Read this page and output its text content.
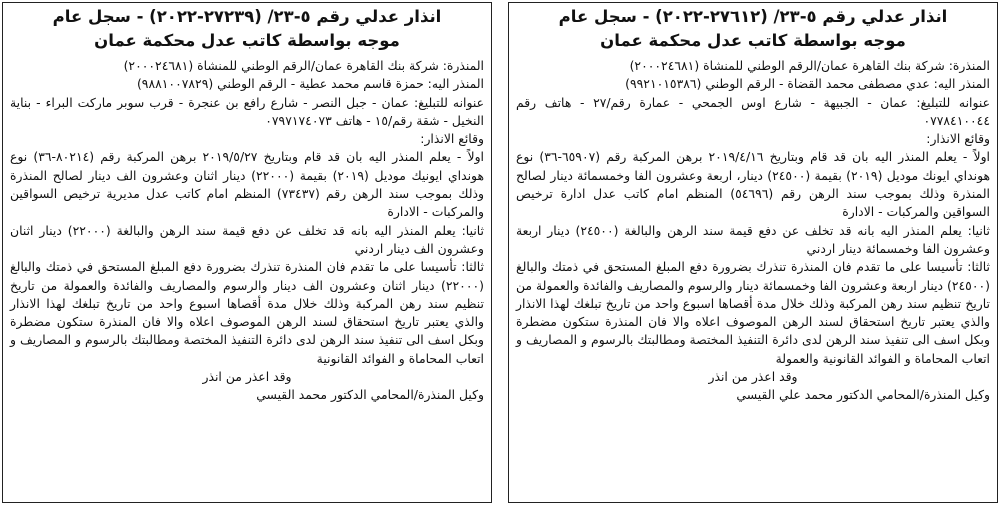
انذار عدلي رقم ٥-٢٣/ (٢٧٦١٢-٢٠٢٢) - سجل عام

موجه بواسطة كاتب عدل محكمة عمان

المنذرة: شركة بنك القاهرة عمان/الرقم الوطني للمنشاة (٢٠٠٠٢٤٦٨١)

المنذر اليه: عدي مصطفى محمد القضاة - الرقم الوطني (٩٩٢١٠١٥٣٨٦)

عنوانه للتبليغ: عمان - الجبيهة - شارع اوس الجمحي - عمارة رقم/٢٧ - هاتف رقم ٠٧٧٨٤١٠٠٤٤

وقائع الانذار:

اولاً - يعلم المنذر اليه بان قد قام وبتاريخ ٢٠١٩/٤/١٦ برهن المركبة رقم (٦٥٩٠٧-٣٦) نوع هونداي ايونك موديل (٢٠١٩) بقيمة (٢٤٥٠٠) دينار، اربعة وعشرون الفا وخمسمائة دينار لصالح المنذرة وذلك بموجب سند الرهن رقم (٥٤٦٩٦) المنظم امام كاتب عدل ادارة ترخيص السواقين والمركبات - الادارة

ثانيا: يعلم المنذر اليه بانه قد تخلف عن دفع قيمة سند الرهن والبالغة (٢٤٥٠٠) دينار اربعة وعشرون الفا وخمسمائة دينار اردني

ثالثا: تأسيسا على ما تقدم فان المنذرة تنذرك بضرورة دفع المبلغ المستحق في ذمتك والبالغ (٢٤٥٠٠) دينار اربعة وعشرون الفا وخمسمائة دينار والرسوم والمصاريف والفائدة والعمولة من تاريخ تنظيم سند رهن المركبة وذلك خلال مدة أقصاها اسبوع واحد من تاريخ تبلغك لهذا الانذار والذي يعتبر تاريخ استحقاق لسند الرهن الموصوف اعلاه والا فان المنذرة ستكون مضطرة وبكل اسف الى تنفيذ سند الرهن لدى دائرة التنفيذ المختصة ومطالبتك بالرسوم و المصاريف و اتعاب المحاماة و الفوائد القانونية والعمولة

وقد اعذر من انذر

وكيل المنذرة/المحامي الدكتور محمد علي القيسي

انذار عدلي رقم ٥-٢٣/ (٢٧٢٣٩-٢٠٢٢) - سجل عام

موجه بواسطة كاتب عدل محكمة عمان

المنذرة: شركة بنك القاهرة عمان/الرقم الوطني للمنشاة (٢٠٠٠٢٤٦٨١)

المنذر اليه: حمزة قاسم محمد عطية - الرقم الوطني (٩٨٨١٠٠٧٨٢٩)

عنوانه للتبليغ: عمان - جبل النصر - شارع رافع بن عنجرة - قرب سوبر ماركت البراء - بناية النخيل - شقة رقم/١٥ - هاتف ٠٧٩٧١٧٤٠٧٣

وقائع الانذار:

اولاً - يعلم المنذر اليه بان قد قام وبتاريخ ٢٠١٩/٥/٢٧ برهن المركبة رقم (٨٠٢١٤-٣٦) نوع هونداي ايونيك موديل (٢٠١٩) بقيمة (٢٢٠٠٠) دينار اثنان وعشرون الف دينار لصالح المنذرة وذلك بموجب سند الرهن رقم (٧٣٤٣٧) المنظم امام كاتب عدل مديرية ترخيص السواقين والمركبات - الادارة

ثانيا: يعلم المنذر اليه بانه قد تخلف عن دفع قيمة سند الرهن والبالغة (٢٢٠٠٠) دينار اثنان وعشرون الف دينار اردني

ثالثا: تأسيسا على ما تقدم فان المنذرة تنذرك بضرورة دفع المبلغ المستحق في ذمتك والبالغ (٢٢٠٠٠) دينار اثنان وعشرون الف دينار والرسوم والمصاريف والفائدة والعمولة من تاريخ تنظيم سند رهن المركبة وذلك خلال مدة أقصاها اسبوع واحد من تاريخ تبلغك لهذا الانذار والذي يعتبر تاريخ استحقاق لسند الرهن الموصوف اعلاه والا فان المنذرة ستكون مضطرة وبكل اسف الى تنفيذ سند الرهن لدى دائرة التنفيذ المختصة ومطالبتك بالرسوم و المصاريف و اتعاب المحاماة و الفوائد القانونية

وقد اعذر من انذر

وكيل المنذرة/المحامي الدكتور محمد القيسي
